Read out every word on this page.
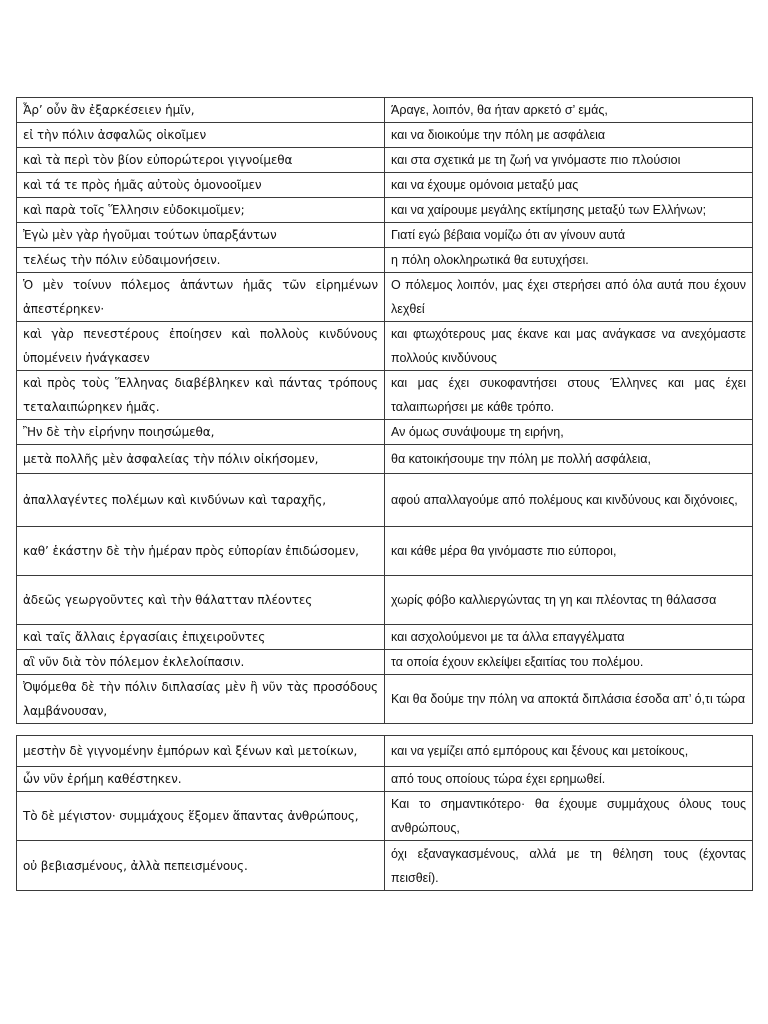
Ἆρ’ οὖν ἂν ἐξαρκέσειεν ἡμῖν,	Άραγε, λοιπόν, θα ήταν αρκετό σ’ εμάς,
εἰ τὴν πόλιν ἀσφαλῶς οἰκοῖμεν	και να διοικούμε την πόλη με ασφάλεια
καὶ τὰ περὶ τὸν βίον εὐπορώτεροι γιγνοίμεθα	και στα σχετικά με τη ζωή να γινόμαστε πιο πλούσιοι
καὶ τά τε πρὸς ἡμᾶς αὐτοὺς ὁμονοοῖμεν	και να έχουμε ομόνοια μεταξύ μας
καὶ παρὰ τοῖς Ἕλλησιν εὐδοκιμοῖμεν;	και να χαίρουμε μεγάλης εκτίμησης μεταξύ των Ελλήνων;
Ἐγὼ μὲν γὰρ ἡγοῦμαι τούτων ὑπαρξάντων	Γιατί εγώ βέβαια νομίζω ότι αν γίνουν αυτά
τελέως τὴν πόλιν εὐδαιμονήσειν.	η πόλη ολοκληρωτικά θα ευτυχήσει.
Ὁ μὲν τοίνυν πόλεμος ἁπάντων ἡμᾶς τῶν εἰρημένων ἀπεστέρηκεν·	Ο πόλεμος λοιπόν, μας έχει στερήσει από όλα αυτά που έχουν λεχθεί
καὶ γὰρ πενεστέρους ἐποίησεν καὶ πολλοὺς κινδύνους ὑπομένειν ἠνάγκασεν	και φτωχότερους μας έκανε και μας ανάγκασε να ανεχόμαστε πολλούς κινδύνους
καὶ πρὸς τοὺς Ἕλληνας διαβέβληκεν καὶ πάντας τρόπους τεταλαιπώρηκεν ἡμᾶς.	και μας έχει συκοφαντήσει στους Έλληνες και μας έχει ταλαιπωρήσει με κάθε τρόπο.
Ἢν δὲ τὴν εἰρήνην ποιησώμεθα,	Αν όμως συνάψουμε τη ειρήνη,
μετὰ πολλῆς μὲν ἀσφαλείας τὴν πόλιν οἰκήσομεν,	θα κατοικήσουμε την πόλη με πολλή ασφάλεια,
ἀπαλλαγέντες πολέμων καὶ κινδύνων καὶ ταραχῆς,	αφού απαλλαγούμε από πολέμους και κινδύνους και διχόνοιες,
καθ’ ἑκάστην δὲ τὴν ἡμέραν πρὸς εὐπορίαν ἐπιδώσομεν,	και κάθε μέρα θα γινόμαστε πιο εύποροι,
ἀδεῶς γεωργοῦντες καὶ τὴν θάλατταν πλέοντες	χωρίς φόβο καλλιεργώντας τη γη και πλέοντας τη θάλασσα
καὶ ταῖς ἄλλαις ἐργασίαις ἐπιχειροῦντες	και ασχολούμενοι με τα άλλα επαγγέλματα
αἳ νῦν διὰ τὸν πόλεμον ἐκλελοίπασιν.	τα οποία έχουν εκλείψει εξαιτίας του πολέμου.
Ὀψόμεθα δὲ τὴν πόλιν διπλασίας μὲν ἢ νῦν τὰς προσόδους λαμβάνουσαν,	Και θα δούμε την πόλη να αποκτά διπλάσια έσοδα απ’ ό,τι τώρα
μεστὴν δὲ γιγνομένην ἐμπόρων καὶ ξένων καὶ μετοίκων,	και να γεμίζει από εμπόρους και ξένους και μετοίκους,
ὧν νῦν ἐρήμη καθέστηκεν.	από τους οποίους τώρα έχει ερημωθεί.
Τὸ δὲ μέγιστον· συμμάχους ἕξομεν ἅπαντας ἀνθρώπους,	Και το σημαντικότερο· θα έχουμε συμμάχους όλους τους ανθρώπους,
οὐ βεβιασμένους, ἀλλὰ πεπεισμένους.	όχι εξαναγκασμένους, αλλά με τη θέληση τους (έχοντας πεισθεί).
